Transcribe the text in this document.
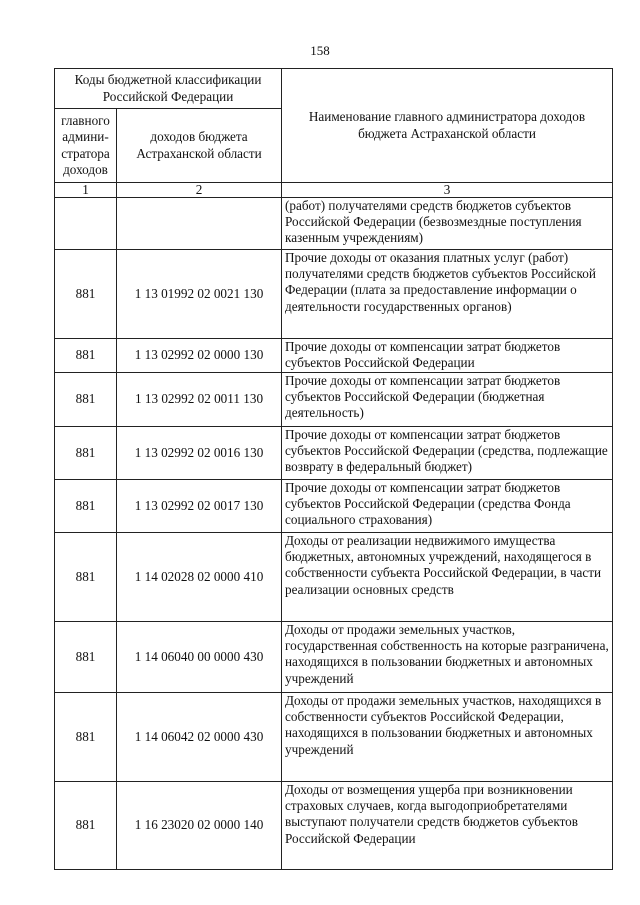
158
Коды бюджетной классификации Российской Федерации		Наименование главного администратора доходов бюджета Астраханской области
главного админи-стратора доходов	доходов бюджета Астраханской области	
1	2	3
		(работ) получателями средств бюджетов субъектов Российской Федерации (безвозмездные поступления казенным учреждениям)
881	1 13 01992 02 0021 130	Прочие доходы от оказания платных услуг (работ) получателями средств бюджетов субъектов Российской Федерации (плата за предоставление информации о деятельности государственных органов)
881	1 13 02992 02 0000 130	Прочие доходы от компенсации затрат бюджетов субъектов Российской Федерации
881	1 13 02992 02 0011 130	Прочие доходы от компенсации затрат бюджетов субъектов Российской Федерации (бюджетная деятельность)
881	1 13 02992 02 0016 130	Прочие доходы от компенсации затрат бюджетов субъектов Российской Федерации (средства, подлежащие возврату в федеральный бюджет)
881	1 13 02992 02 0017 130	Прочие доходы от компенсации затрат бюджетов субъектов Российской Федерации (средства Фонда социального страхования)
881	1 14 02028 02 0000 410	Доходы от реализации недвижимого имущества бюджетных, автономных учреждений, находящегося в собственности субъекта Российской Федерации, в части реализации основных средств
881	1 14 06040 00 0000 430	Доходы от продажи земельных участков, государственная собственность на которые разграничена, находящихся в пользовании бюджетных и автономных учреждений
881	1 14 06042 02 0000 430	Доходы от продажи земельных участков, находящихся в собственности субъектов Российской Федерации, находящихся в пользовании бюджетных и автономных учреждений
881	1 16 23020 02 0000 140	Доходы от возмещения ущерба при возникновении страховых случаев, когда выгодоприобретателями выступают получатели средств бюджетов субъектов Российской Федерации
